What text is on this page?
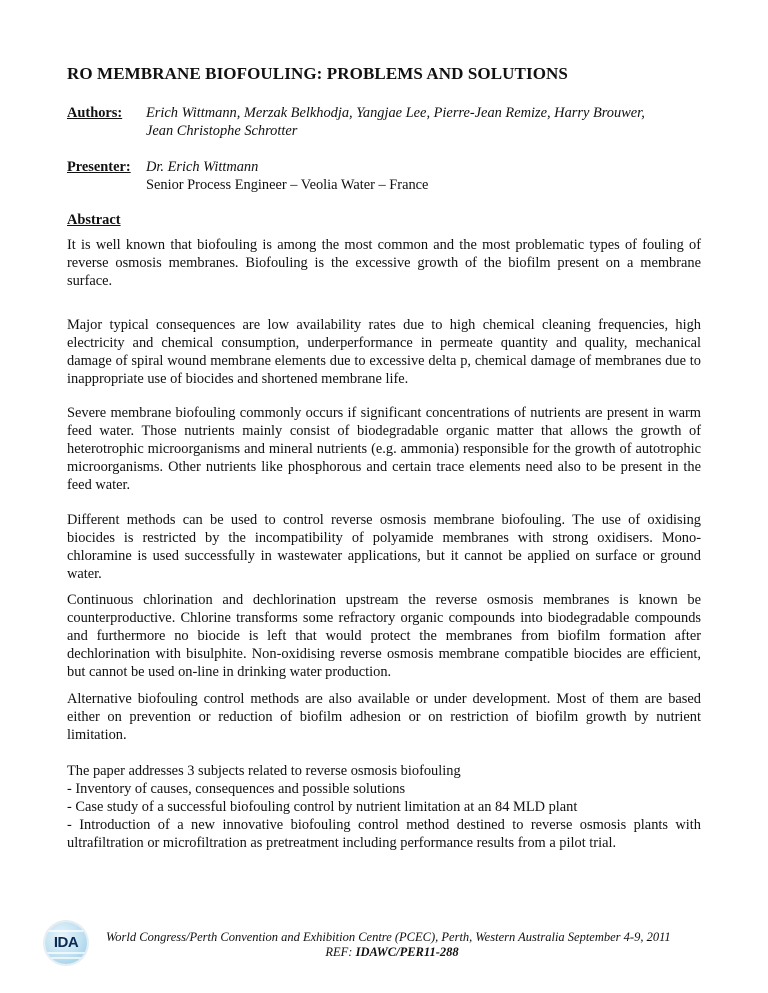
RO MEMBRANE BIOFOULING: PROBLEMS AND SOLUTIONS
Authors: Erich Wittmann, Merzak Belkhodja, Yangjae Lee, Pierre-Jean Remize, Harry Brouwer,
Jean Christophe Schrotter
Presenter: Dr. Erich Wittmann
Senior Process Engineer – Veolia Water – France
Abstract
It is well known that biofouling is among the most common and the most problematic types of fouling of reverse osmosis membranes. Biofouling is the excessive growth of the biofilm present on a membrane surface.
Major typical consequences are low availability rates due to high chemical cleaning frequencies, high electricity and chemical consumption, underperformance in permeate quantity and quality, mechanical damage of spiral wound membrane elements due to excessive delta p, chemical damage of membranes due to inappropriate use of biocides and shortened membrane life.
Severe membrane biofouling commonly occurs if significant concentrations of nutrients are present in warm feed water. Those nutrients mainly consist of biodegradable organic matter that allows the growth of heterotrophic microorganisms and mineral nutrients (e.g. ammonia) responsible for the growth of autotrophic microorganisms. Other nutrients like phosphorous and certain trace elements need also to be present in the feed water.
Different methods can be used to control reverse osmosis membrane biofouling. The use of oxidising biocides is restricted by the incompatibility of polyamide membranes with strong oxidisers. Mono-chloramine is used successfully in wastewater applications, but it cannot be applied on surface or ground water.
Continuous chlorination and dechlorination upstream the reverse osmosis membranes is known be counterproductive. Chlorine transforms some refractory organic compounds into biodegradable compounds and furthermore no biocide is left that would protect the membranes from biofilm formation after dechlorination with bisulphite. Non-oxidising reverse osmosis membrane compatible biocides are efficient, but cannot be used on-line in drinking water production.
Alternative biofouling control methods are also available or under development. Most of them are based either on prevention or reduction of biofilm adhesion or on restriction of biofilm growth by nutrient limitation.
The paper addresses 3 subjects related to reverse osmosis biofouling
- Inventory of causes, consequences and possible solutions
- Case study of a successful biofouling control by nutrient limitation at an 84 MLD plant
- Introduction of a new innovative biofouling control method destined to reverse osmosis plants with ultrafiltration or microfiltration as pretreatment including performance results from a pilot trial.
IDA	World Congress/Perth Convention and Exhibition Centre (PCEC), Perth, Western Australia September 4-9, 2011
REF: IDAWC/PER11-288
